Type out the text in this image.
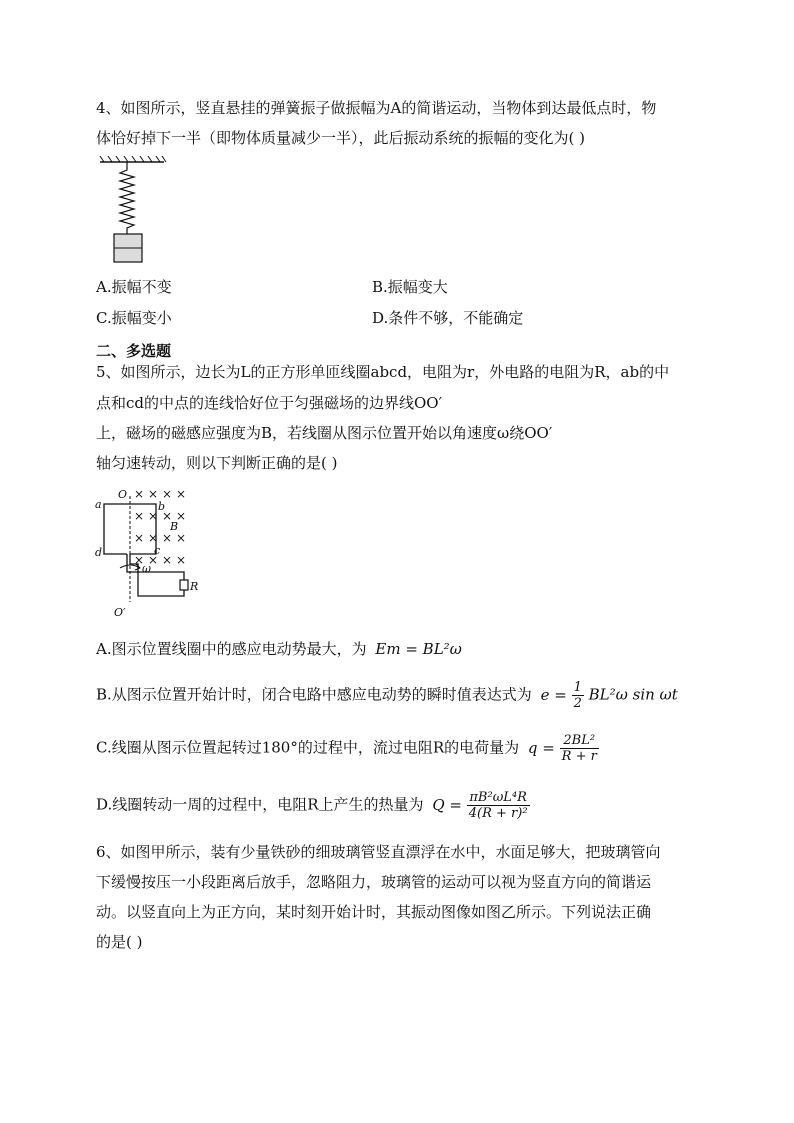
4、如图所示，竖直悬挂的弹簧振子做振幅为A的简谐运动，当物体到达最低点时，物
体恰好掉下一半（即物体质量减少一半），此后振动系统的振幅的变化为( )
A.振幅不变	B.振幅变大
C.振幅变小	D.条件不够，不能确定
二、多选题
5、如图所示，边长为L的正方形单匝线圈abcd，电阻为r，外电路的电阻为R，ab的中
点和cd的中点的连线恰好位于匀强磁场的边界线OO′
上，磁场的磁感应强度为B，若线圈从图示位置开始以角速度ω绕OO′
轴匀速转动，则以下判断正确的是( )
× × × ×
× × × ×
× × × ×
× × × ×
O
O′
a	b
c
d
B
R
ω
A.图示位置线圈中的感应电动势最大，为 Em = BL²ω
B.从图示位置开始计时，闭合电路中感应电动势的瞬时值表达式为 $e = \frac{1}{2} BL^2\omega$ sin ωt
C.线圈从图示位置起转过180°的过程中，流过电阻R的电荷量为 $q = \frac{\text{2BL²}}{R + r}$
D.线圈转动一周的过程中，电阻R上产生的热量为 $Q = \frac{\text{πB²ωL⁴R}}{\text{4(R + r)²}}$
6、如图甲所示，装有少量铁砂的细玻璃管竖直漂浮在水中，水面足够大，把玻璃管向
下缓慢按压一小段距离后放手，忽略阻力，玻璃管的运动可以视为竖直方向的简谐运
动。以竖直向上为正方向，某时刻开始计时，其振动图像如图乙所示。下列说法正确
的是( )
